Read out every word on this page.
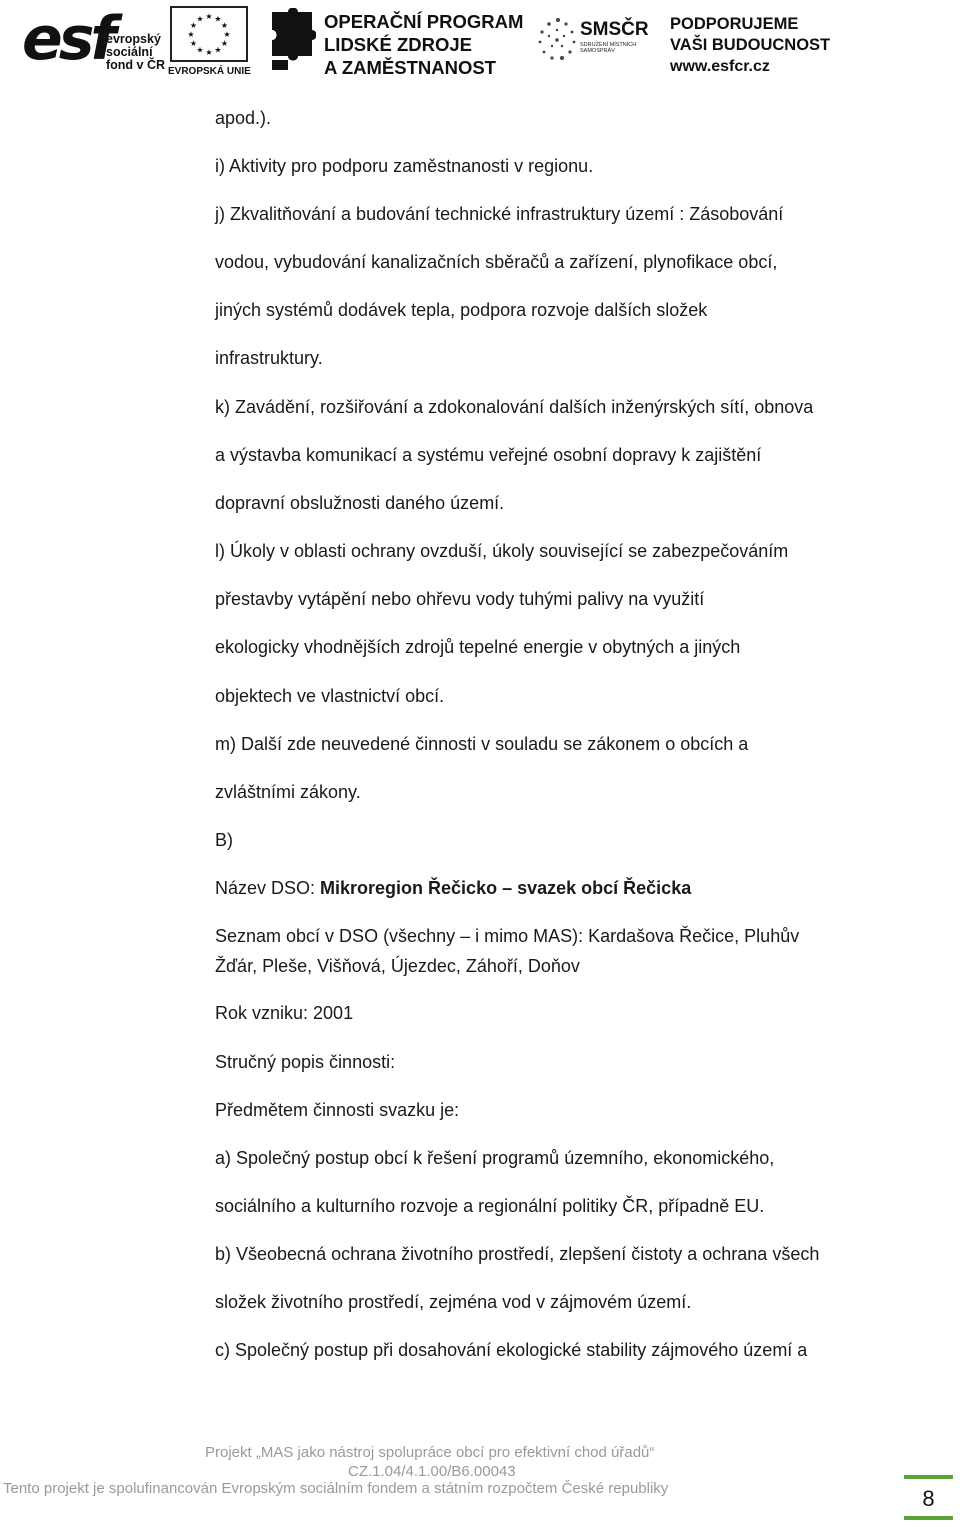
esf
evropský
sociální
fond v ČR
★ ★
★
★
★
★
★
★
★
★
★
★
EVROPSKÁ UNIE
OPERAČNÍ PROGRAM
LIDSKÉ ZDROJE
A ZAMĚSTNANOST
SMSČR
SDRUŽENÍ MÍSTNÍCH SAMOSPRÁV
PODPORUJEME
VAŠI BUDOUCNOST
www.esfcr.cz
apod.).
i) Aktivity pro podporu zaměstnanosti v regionu.
j) Zkvalitňování a budování technické infrastruktury území : Zásobování
vodou, vybudování kanalizačních sběračů a zařízení, plynofikace obcí,
jiných systémů dodávek tepla, podpora rozvoje dalších složek
infrastruktury.
k) Zavádění, rozšiřování a zdokonalování dalších inženýrských sítí, obnova
a výstavba komunikací a systému veřejné osobní dopravy k zajištění
dopravní obslužnosti daného území.
l) Úkoly v oblasti ochrany ovzduší, úkoly související se zabezpečováním
přestavby vytápění nebo ohřevu vody tuhými palivy na využití
ekologicky vhodnějších zdrojů tepelné energie v obytných a jiných
objektech ve vlastnictví obcí.
m) Další zde neuvedené činnosti v souladu se zákonem o obcích a
zvláštními zákony.
B)
Název DSO: Mikroregion Řečicko – svazek obcí Řečicka
Seznam obcí v DSO (všechny – i mimo MAS): Kardašova Řečice, Pluhův
Žďár, Pleše, Višňová, Újezdec, Záhoří, Doňov
Rok vzniku: 2001
Stručný popis činnosti:
Předmětem činnosti svazku je:
a) Společný postup obcí k řešení programů územního, ekonomického,
sociálního a kulturního rozvoje a regionální politiky ČR, případně EU.
b) Všeobecná ochrana životního prostředí, zlepšení čistoty a ochrana všech
složek životního prostředí, zejména vod v zájmovém území.
c) Společný postup při dosahování ekologické stability zájmového území a
Projekt „MAS jako nástroj spolupráce obcí pro efektivní chod úřadů“
CZ.1.04/4.1.00/B6.00043
Tento projekt je spolufinancován Evropským sociálním fondem a státním rozpočtem České republiky	8
